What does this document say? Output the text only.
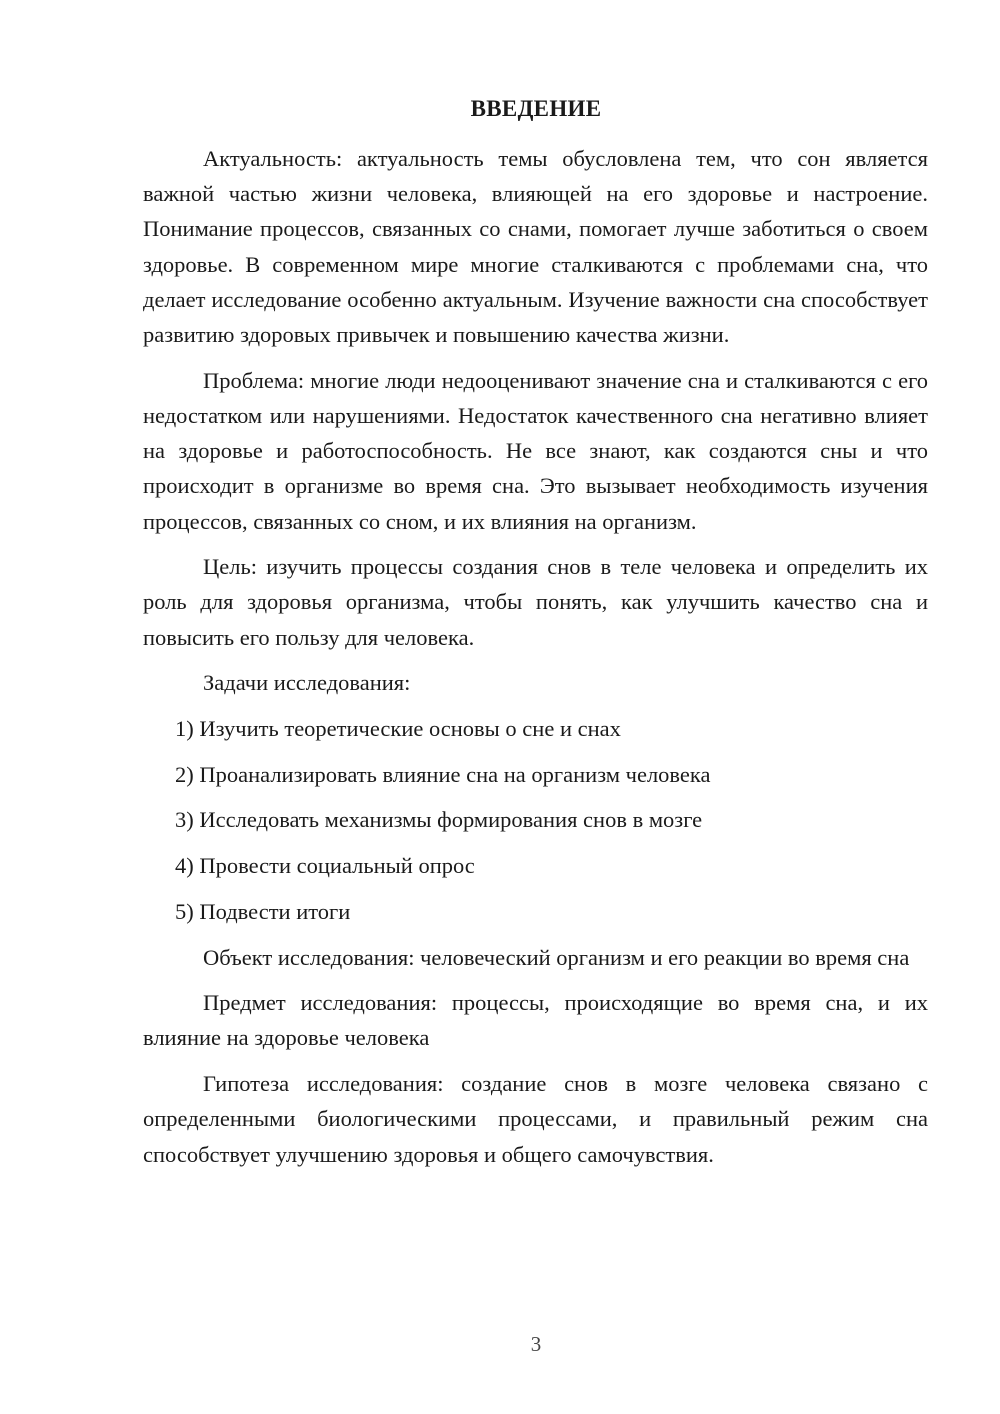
ВВЕДЕНИЕ

Актуальность: актуальность темы обусловлена тем, что сон является важной частью жизни человека, влияющей на его здоровье и настроение. Понимание процессов, связанных со снами, помогает лучше заботиться о своем здоровье. В современном мире многие сталкиваются с проблемами сна, что делает исследование особенно актуальным. Изучение важности сна способствует развитию здоровых привычек и повышению качества жизни.

Проблема: многие люди недооценивают значение сна и сталкиваются с его недостатком или нарушениями. Недостаток качественного сна негативно влияет на здоровье и работоспособность. Не все знают, как создаются сны и что происходит в организме во время сна. Это вызывает необходимость изучения процессов, связанных со сном, и их влияния на организм.

Цель: изучить процессы создания снов в теле человека и определить их роль для здоровья организма, чтобы понять, как улучшить качество сна и повысить его пользу для человека.

Задачи исследования:

1) Изучить теоретические основы о сне и снах
2) Проанализировать влияние сна на организм человека
3) Исследовать механизмы формирования снов в мозге
4) Провести социальный опрос
5) Подвести итоги

Объект исследования: человеческий организм и его реакции во время сна

Предмет исследования: процессы, происходящие во время сна, и их влияние на здоровье человека

Гипотеза исследования: создание снов в мозге человека связано с определенными биологическими процессами, и правильный режим сна способствует улучшению здоровья и общего самочувствия.

3
